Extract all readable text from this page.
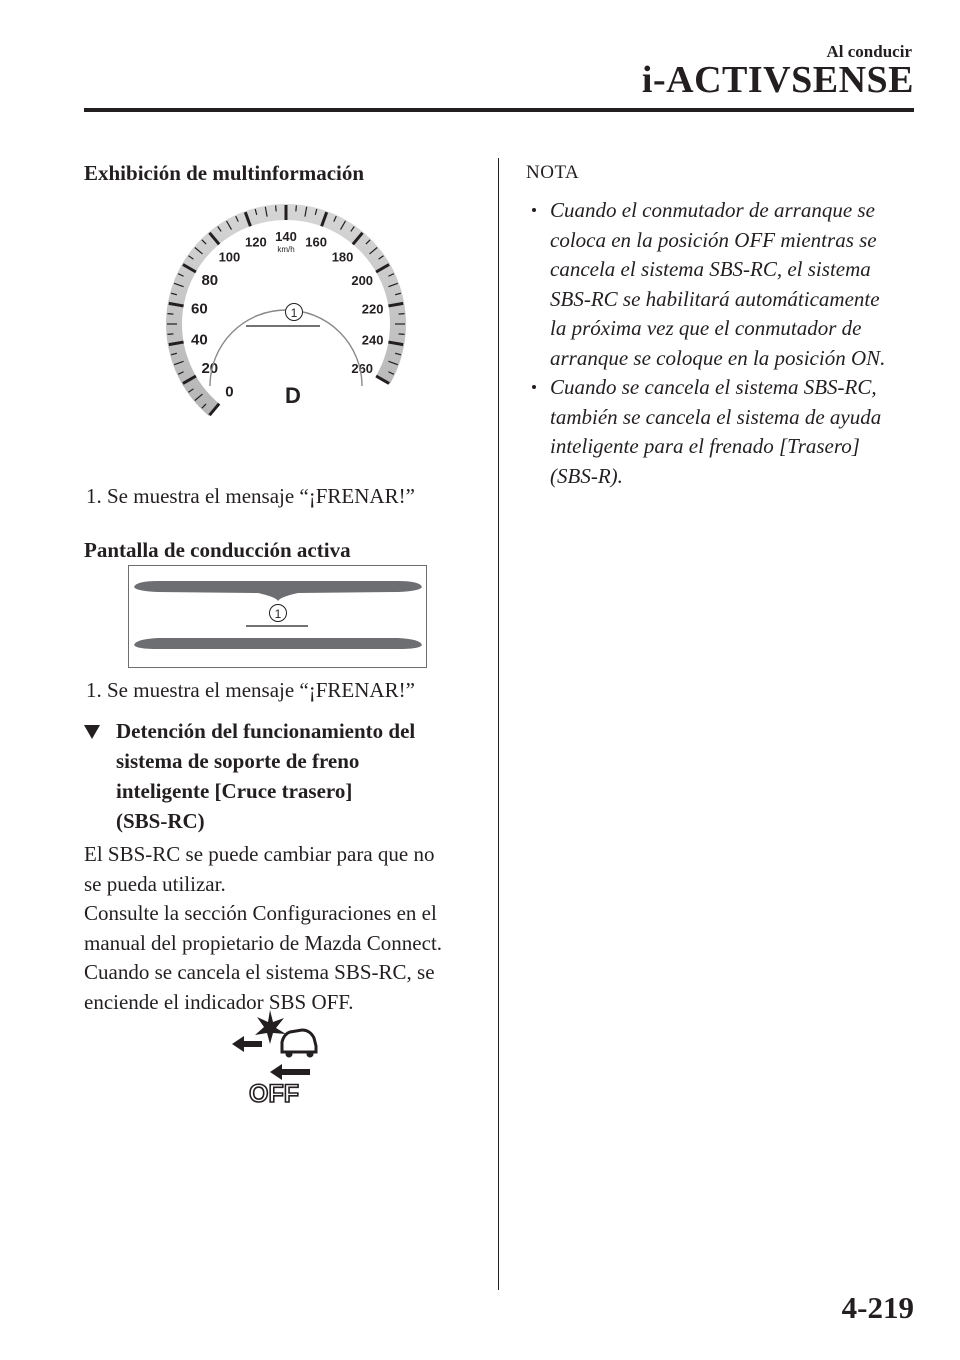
Al conducir
i-ACTIVSENSE
Exhibición de multinformación
0
20
40
60
80
100
120 140 160
180
200
220
240
260
km/h
1
D
1. Se muestra el mensaje “¡FRENAR!”
Pantalla de conducción activa
1
1. Se muestra el mensaje “¡FRENAR!”
Detención del funcionamiento del
sistema de soporte de freno
inteligente [Cruce trasero]
(SBS-RC)
El SBS-RC se puede cambiar para que no
se pueda utilizar.
Consulte la sección Configuraciones en el
manual del propietario de Mazda Connect.
Cuando se cancela el sistema SBS-RC, se
enciende el indicador SBS OFF.
OFF
NOTA
Cuando el conmutador de arranque se
coloca en la posición OFF mientras se
cancela el sistema SBS-RC, el sistema
SBS-RC se habilitará automáticamente
la próxima vez que el conmutador de
arranque se coloque en la posición ON.
Cuando se cancela el sistema SBS-RC,
también se cancela el sistema de ayuda
inteligente para el frenado [Trasero]
(SBS-R).
4-219
